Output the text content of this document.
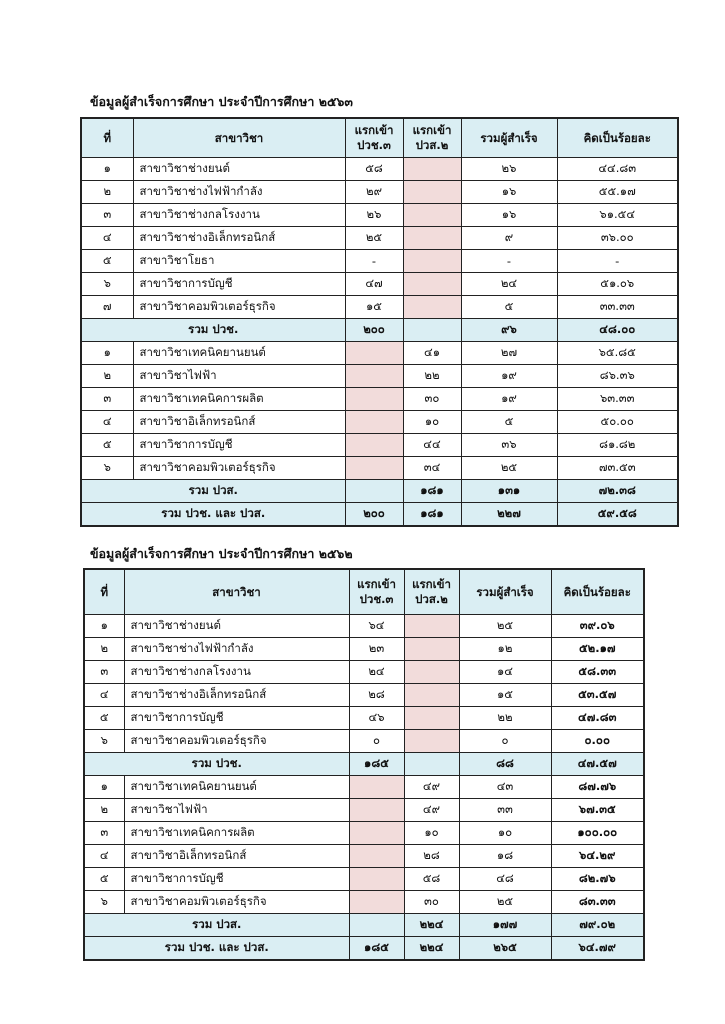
ข้อมูลผู้สำเร็จการศึกษา ประจำปีการศึกษา ๒๕๖๓
ที่	สาขาวิชา	แรกเข้า ปวช.๓	แรกเข้า ปวส.๒	รวมผู้สำเร็จ	คิดเป็นร้อยละ
๑	สาขาวิชาช่างยนต์	๕๘		๒๖	๔๔.๘๓
๒	สาขาวิชาช่างไฟฟ้ากำลัง	๒๙		๑๖	๕๕.๑๗
๓	สาขาวิชาช่างกลโรงงาน	๒๖		๑๖	๖๑.๕๔
๔	สาขาวิชาช่างอิเล็กทรอนิกส์	๒๕		๙	๓๖.๐๐
๕	สาขาวิชาโยธา	-		-	-
๖	สาขาวิชาการบัญชี	๔๗		๒๔	๕๑.๐๖
๗	สาขาวิชาคอมพิวเตอร์ธุรกิจ	๑๕		๕	๓๓.๓๓
รวม ปวช.		๒๐๐		๙๖	๔๘.๐๐
๑	สาขาวิชาเทคนิคยานยนต์		๔๑	๒๗	๖๕.๘๕
๒	สาขาวิชาไฟฟ้า		๒๒	๑๙	๘๖.๓๖
๓	สาขาวิชาเทคนิคการผลิต		๓๐	๑๙	๖๓.๓๓
๔	สาขาวิชาอิเล็กทรอนิกส์		๑๐	๕	๕๐.๐๐
๕	สาขาวิชาการบัญชี		๔๔	๓๖	๘๑.๘๒
๖	สาขาวิชาคอมพิวเตอร์ธุรกิจ		๓๔	๒๕	๗๓.๕๓
รวม ปวส.			๑๘๑	๑๓๑	๗๒.๓๘
รวม ปวช. และ ปวส.		๒๐๐	๑๘๑	๒๒๗	๕๙.๕๘
ข้อมูลผู้สำเร็จการศึกษา ประจำปีการศึกษา ๒๕๖๒
ที่	สาขาวิชา	แรกเข้า ปวช.๓	แรกเข้า ปวส.๒	รวมผู้สำเร็จ	คิดเป็นร้อยละ
๑	สาขาวิชาช่างยนต์	๖๔		๒๕	๓๙.๐๖
๒	สาขาวิชาช่างไฟฟ้ากำลัง	๒๓		๑๒	๕๒.๑๗
๓	สาขาวิชาช่างกลโรงงาน	๒๔		๑๔	๕๘.๓๓
๔	สาขาวิชาช่างอิเล็กทรอนิกส์	๒๘		๑๕	๕๓.๕๗
๕	สาขาวิชาการบัญชี	๔๖		๒๒	๔๗.๘๓
๖	สาขาวิชาคอมพิวเตอร์ธุรกิจ	๐		๐	๐.๐๐
รวม ปวช.		๑๘๕		๘๘	๔๗.๕๗
๑	สาขาวิชาเทคนิคยานยนต์		๔๙	๔๓	๘๗.๗๖
๒	สาขาวิชาไฟฟ้า		๔๙	๓๓	๖๗.๓๕
๓	สาขาวิชาเทคนิคการผลิต		๑๐	๑๐	๑๐๐.๐๐
๔	สาขาวิชาอิเล็กทรอนิกส์		๒๘	๑๘	๖๔.๒๙
๕	สาขาวิชาการบัญชี		๕๘	๔๘	๘๒.๗๖
๖	สาขาวิชาคอมพิวเตอร์ธุรกิจ		๓๐	๒๕	๘๓.๓๓
รวม ปวส.			๒๒๔	๑๗๗	๗๙.๐๒
รวม ปวช. และ ปวส.		๑๘๕	๒๒๔	๒๖๕	๖๔.๗๙
